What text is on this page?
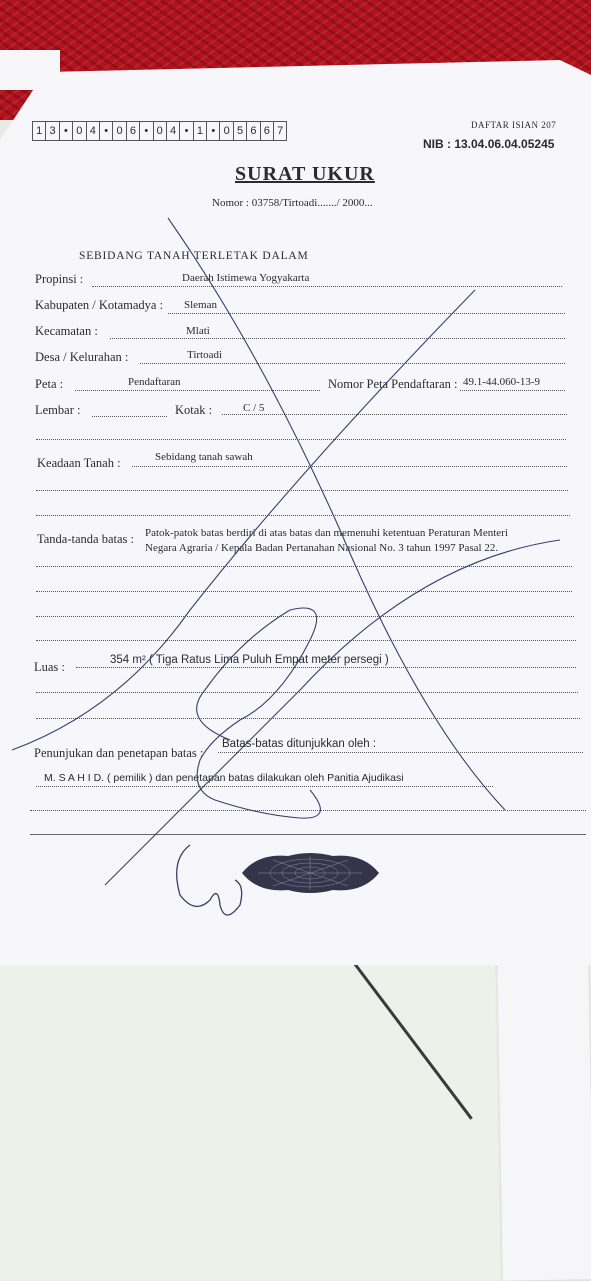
1 3 • 0 4 • 0 6 • 0 4 • 1 • 0 5 6 6 7	DAFTAR ISIAN 207
NIB : 13.04.06.04.05245
SURAT UKUR
Nomor : 03758/Tirtoadi......./ 2000...
SEBIDANG TANAH TERLETAK DALAM
Propinsi :	Daerah Istimewa Yogyakarta
Kabupaten / Kotamadya : Sleman
Kecamatan :	Mlati
Desa / Kelurahan :	Tirtoadi
Peta :	Pendaftaran	Nomor Peta Pendaftaran : 49.1-44.060-13-9
Lembar :	Kotak :	C / 5
Keadaan Tanah :	Sebidang tanah sawah
Tanda-tanda batas : Patok-patok batas berdiri di atas batas dan memenuhi ketentuan Peraturan Menteri
Negara Agraria / Kepala Badan Pertanahan Nasional No. 3 tahun 1997 Pasal 22.
Luas :	354 m² ( Tiga Ratus Lima Puluh Empat meter persegi )
Penunjukan dan penetapan batas :
Batas-batas ditunjukkan oleh :
M. S A H I D. ( pemilik ) dan penetapan batas dilakukan oleh Panitia Ajudikasi
